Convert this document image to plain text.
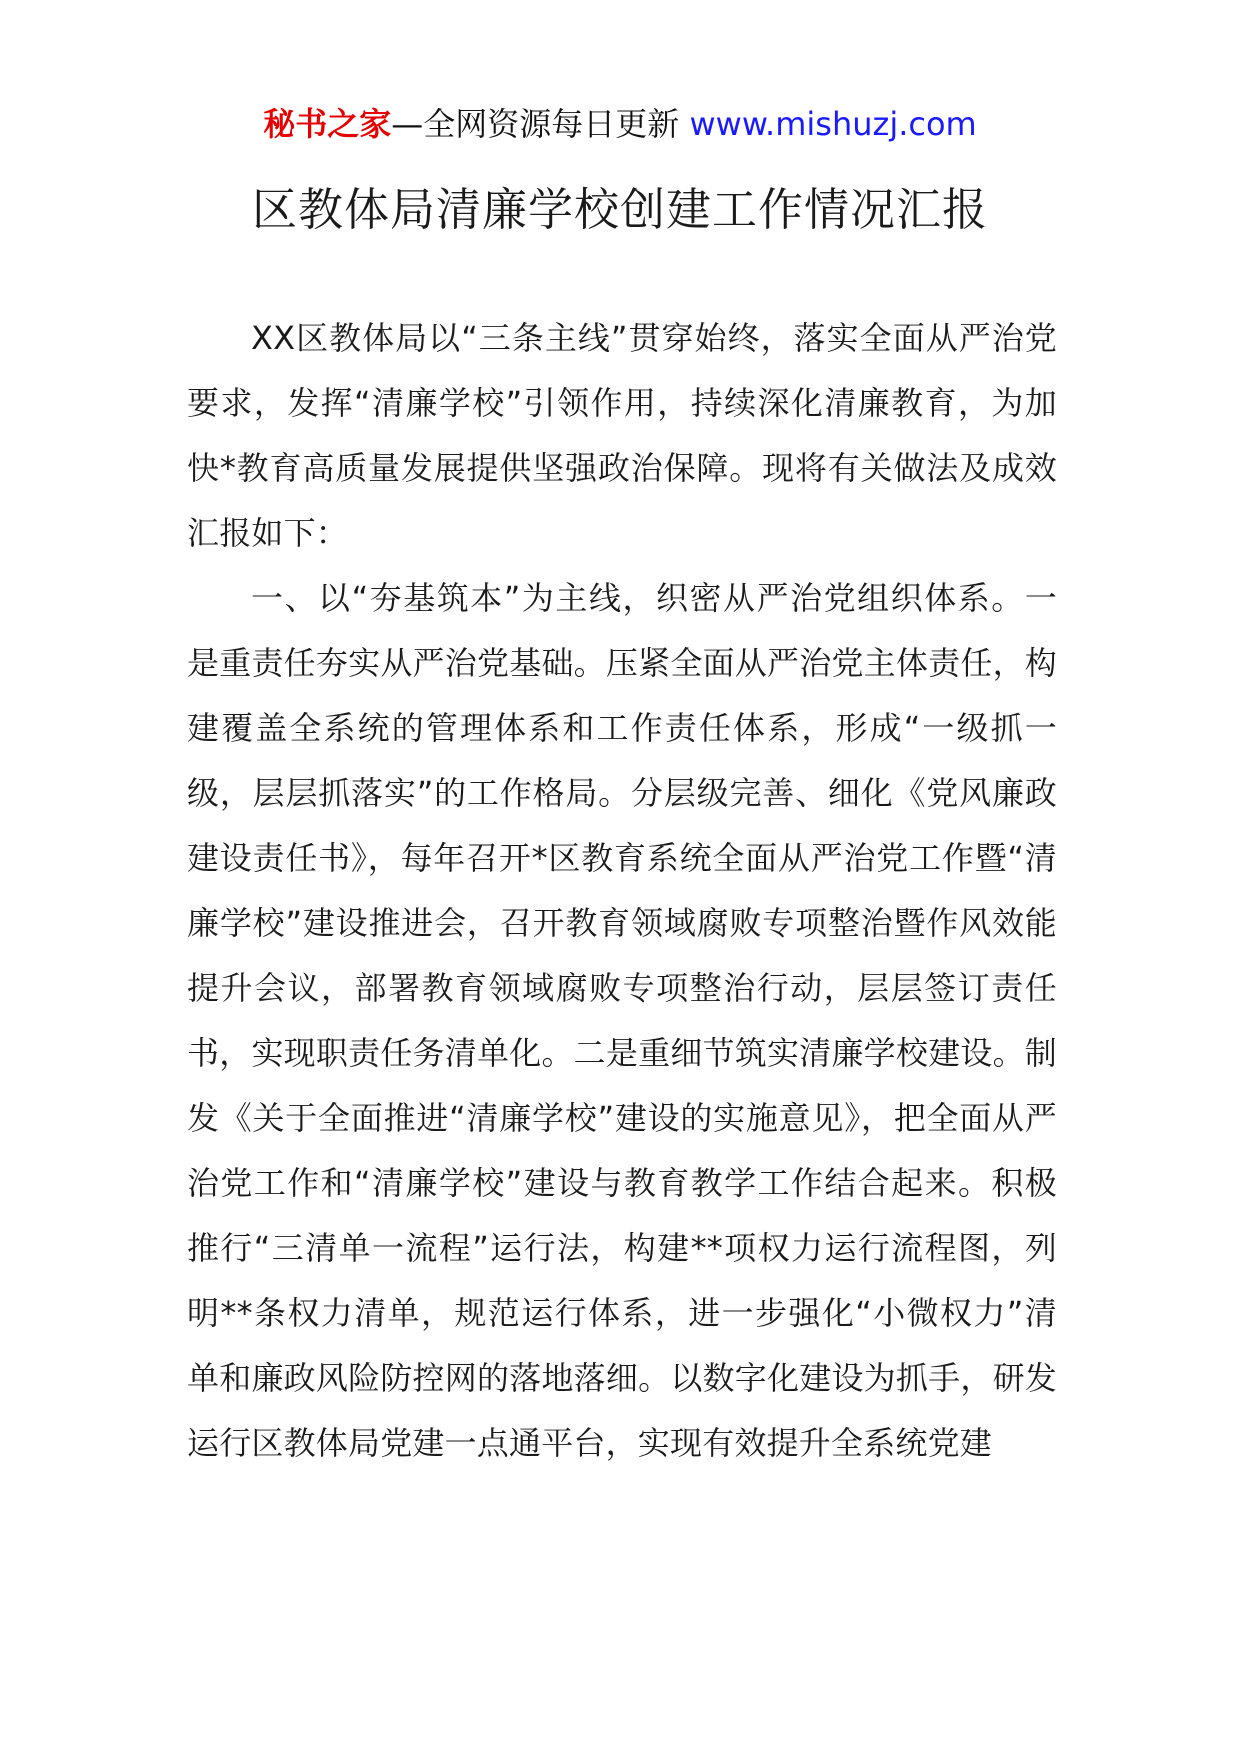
秘书之家—全网资源每日更新 www.mishuzj.com
区教体局清廉学校创建工作情况汇报

XX区教体局以“三条主线”贯穿始终，落实全面从严治党要求，发挥“清廉学校”引领作用，持续深化清廉教育，为加快*教育高质量发展提供坚强政治保障。现将有关做法及成效汇报如下：

一、以“夯基筑本”为主线，织密从严治党组织体系。一是重责任夯实从严治党基础。压紧全面从严治党主体责任，构建覆盖全系统的管理体系和工作责任体系，形成“一级抓一级，层层抓落实”的工作格局。分层级完善、细化《党风廉政建设责任书》，每年召开*区教育系统全面从严治党工作暨“清廉学校”建设推进会，召开教育领域腐败专项整治暨作风效能提升会议，部署教育领域腐败专项整治行动，层层签订责任书，实现职责任务清单化。二是重细节筑实清廉学校建设。制发《关于全面推进“清廉学校”建设的实施意见》，把全面从严治党工作和“清廉学校”建设与教育教学工作结合起来。积极推行“三清单一流程”运行法，构建**项权力运行流程图，列明**条权力清单，规范运行体系，进一步强化“小微权力”清单和廉政风险防控网的落地落细。以数字化建设为抓手，研发运行区教体局党建一点通平台，实现有效提升全系统党建
